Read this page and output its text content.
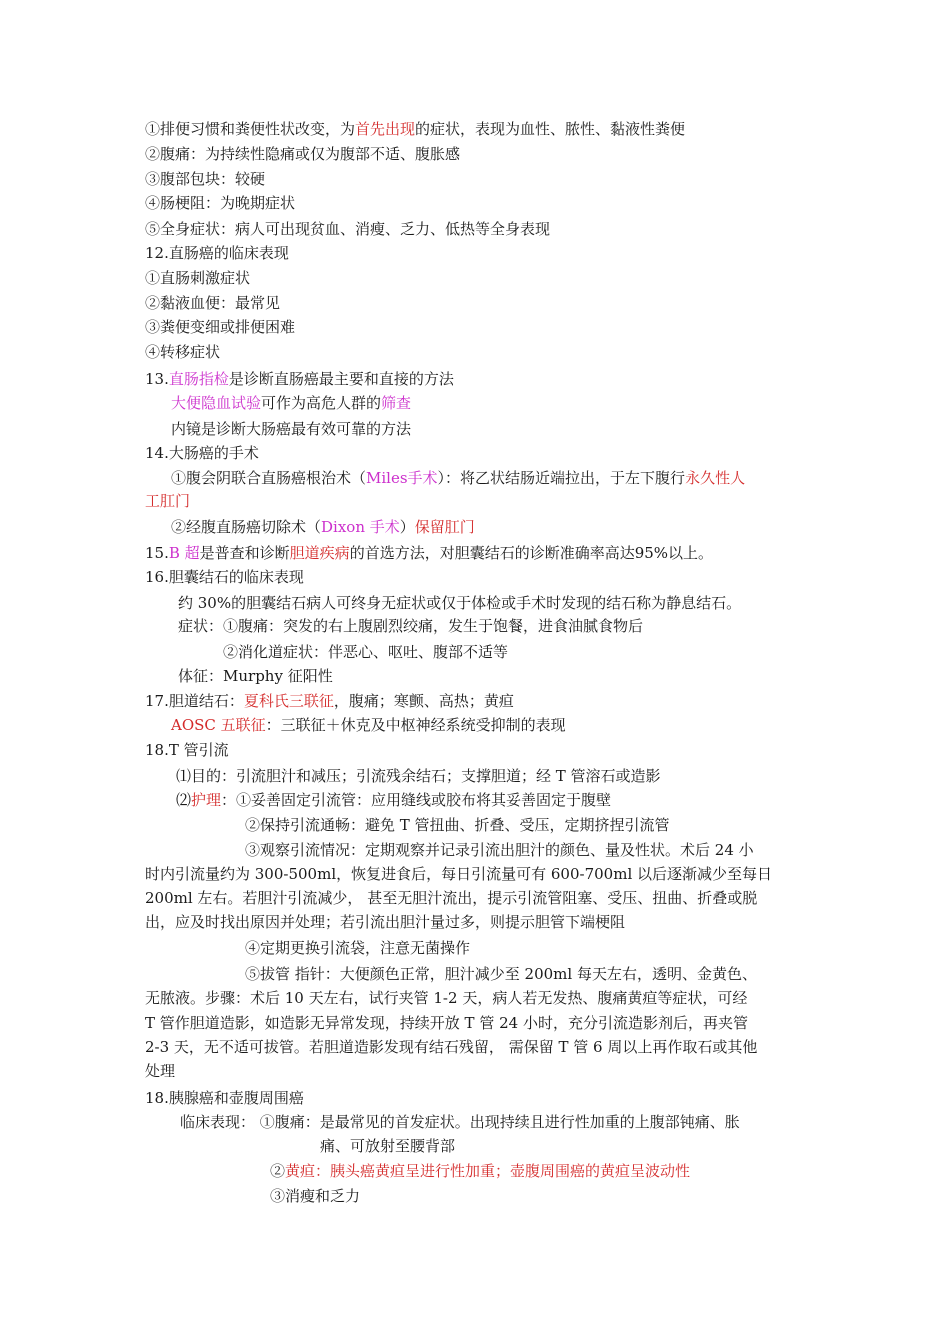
①排便习惯和粪便性状改变，为首先出现的症状，表现为血性、脓性、黏液性粪便
②腹痛：为持续性隐痛或仅为腹部不适、腹胀感
③腹部包块：较硬
④肠梗阻：为晚期症状
⑤全身症状：病人可出现贫血、消瘦、乏力、低热等全身表现
12.直肠癌的临床表现
①直肠刺激症状
②黏液血便：最常见
③粪便变细或排便困难
④转移症状
13.直肠指检是诊断直肠癌最主要和直接的方法
大便隐血试验可作为高危人群的筛查
内镜是诊断大肠癌最有效可靠的方法
14.大肠癌的手术
①腹会阴联合直肠癌根治术（Miles手术）：将乙状结肠近端拉出，于左下腹行永久性人
工肛门
②经腹直肠癌切除术（Dixon 手术）保留肛门
15.B 超是普查和诊断胆道疾病的首选方法，对胆囊结石的诊断准确率高达95%以上。
16.胆囊结石的临床表现
约 30%的胆囊结石病人可终身无症状或仅于体检或手术时发现的结石称为静息结石。
症状：①腹痛：突发的右上腹剧烈绞痛，发生于饱餐，进食油腻食物后
②消化道症状：伴恶心、呕吐、腹部不适等
体征：Murphy 征阳性
17.胆道结石：夏科氏三联征，腹痛；寒颤、高热；黄疸
AOSC 五联征：三联征＋休克及中枢神经系统受抑制的表现
18.T 管引流
⑴目的：引流胆汁和减压；引流残余结石；支撑胆道；经 T 管溶石或造影
⑵护理：①妥善固定引流管：应用缝线或胶布将其妥善固定于腹壁
②保持引流通畅：避免 T 管扭曲、折叠、受压，定期挤捏引流管
③观察引流情况：定期观察并记录引流出胆汁的颜色、量及性状。术后 24 小
时内引流量约为 300-500ml，恢复进食后，每日引流量可有 600-700ml 以后逐渐减少至每日
200ml 左右。若胆汁引流减少， 甚至无胆汁流出，提示引流管阻塞、受压、扭曲、折叠或脱
出，应及时找出原因并处理；若引流出胆汁量过多，则提示胆管下端梗阻
④定期更换引流袋，注意无菌操作
⑤拔管 指针：大便颜色正常，胆汁减少至 200ml 每天左右，透明、金黄色、
无脓液。步骤：术后 10 天左右，试行夹管 1-2 天，病人若无发热、腹痛黄疸等症状，可经
T 管作胆道造影，如造影无异常发现，持续开放 T 管 24 小时，充分引流造影剂后，再夹管
2-3 天，无不适可拔管。若胆道造影发现有结石残留， 需保留 T 管 6 周以上再作取石或其他
处理
18.胰腺癌和壶腹周围癌
临床表现： ①腹痛：是最常见的首发症状。出现持续且进行性加重的上腹部钝痛、胀
痛、可放射至腰背部
②黄疸：胰头癌黄疸呈进行性加重；壶腹周围癌的黄疸呈波动性
③消瘦和乏力
